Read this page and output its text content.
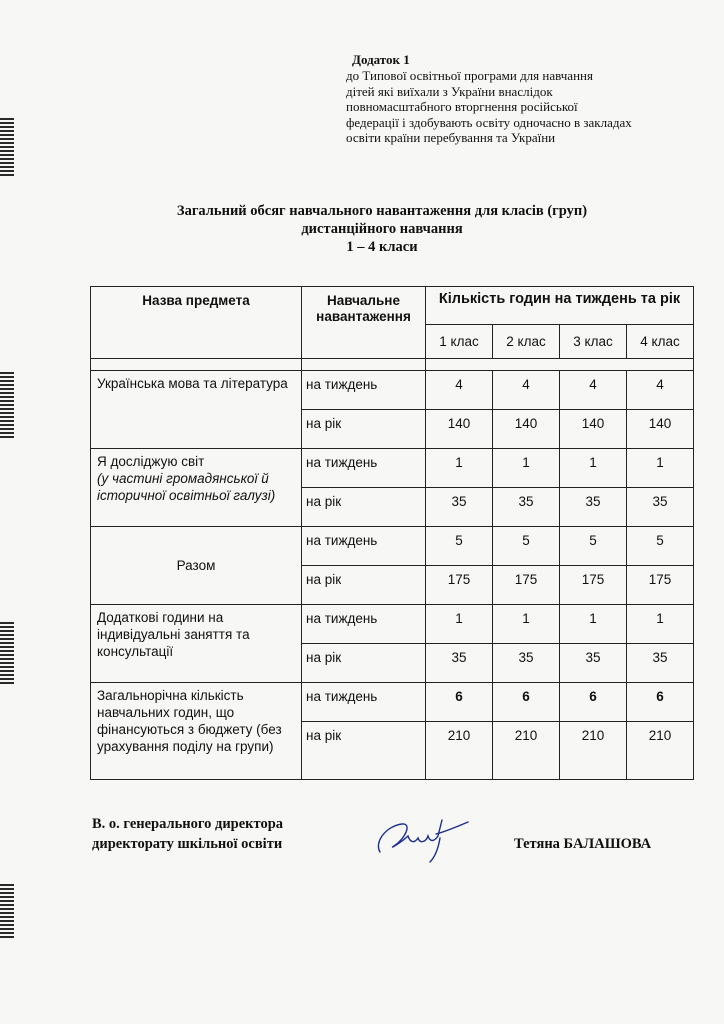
Додаток 1
до Типової освітньої програми для навчання
дітей які виїхали з України внаслідок
повномасштабного вторгнення російської
федерації і здобувають освіту одночасно в закладах
освіти країни перебування та України
Загальний обсяг навчального навантаження для класів (груп)
дистанційного навчання
1 – 4 класи
Назва предмета	Навчальне навантаження	Кількість годин на тиждень та рік			
		1 клас	2 клас	3 клас	4 клас

Українська мова та література	на тиждень	4	4	4	4
	на рік	140	140	140	140

Я досліджую світ
(у частині громадянської й історичної освітньої галузі)	на тиждень	1	1	1	1
	на рік	35	35	35	35
Разом	на тиждень	5	5	5	5
	на рік	175	175	175	175
Додаткові години на індивідуальні заняття та консультації	на тиждень	1	1	1	1
	на рік	35	35	35	35
Загальнорічна кількість навчальних годин, що фінансуються з бюджету (без урахування поділу на групи)	на тиждень	6	6	6	6
	на рік	210	210	210	210
В. о. генерального директора
директорату шкільної освіти	Тетяна БАЛАШОВА
